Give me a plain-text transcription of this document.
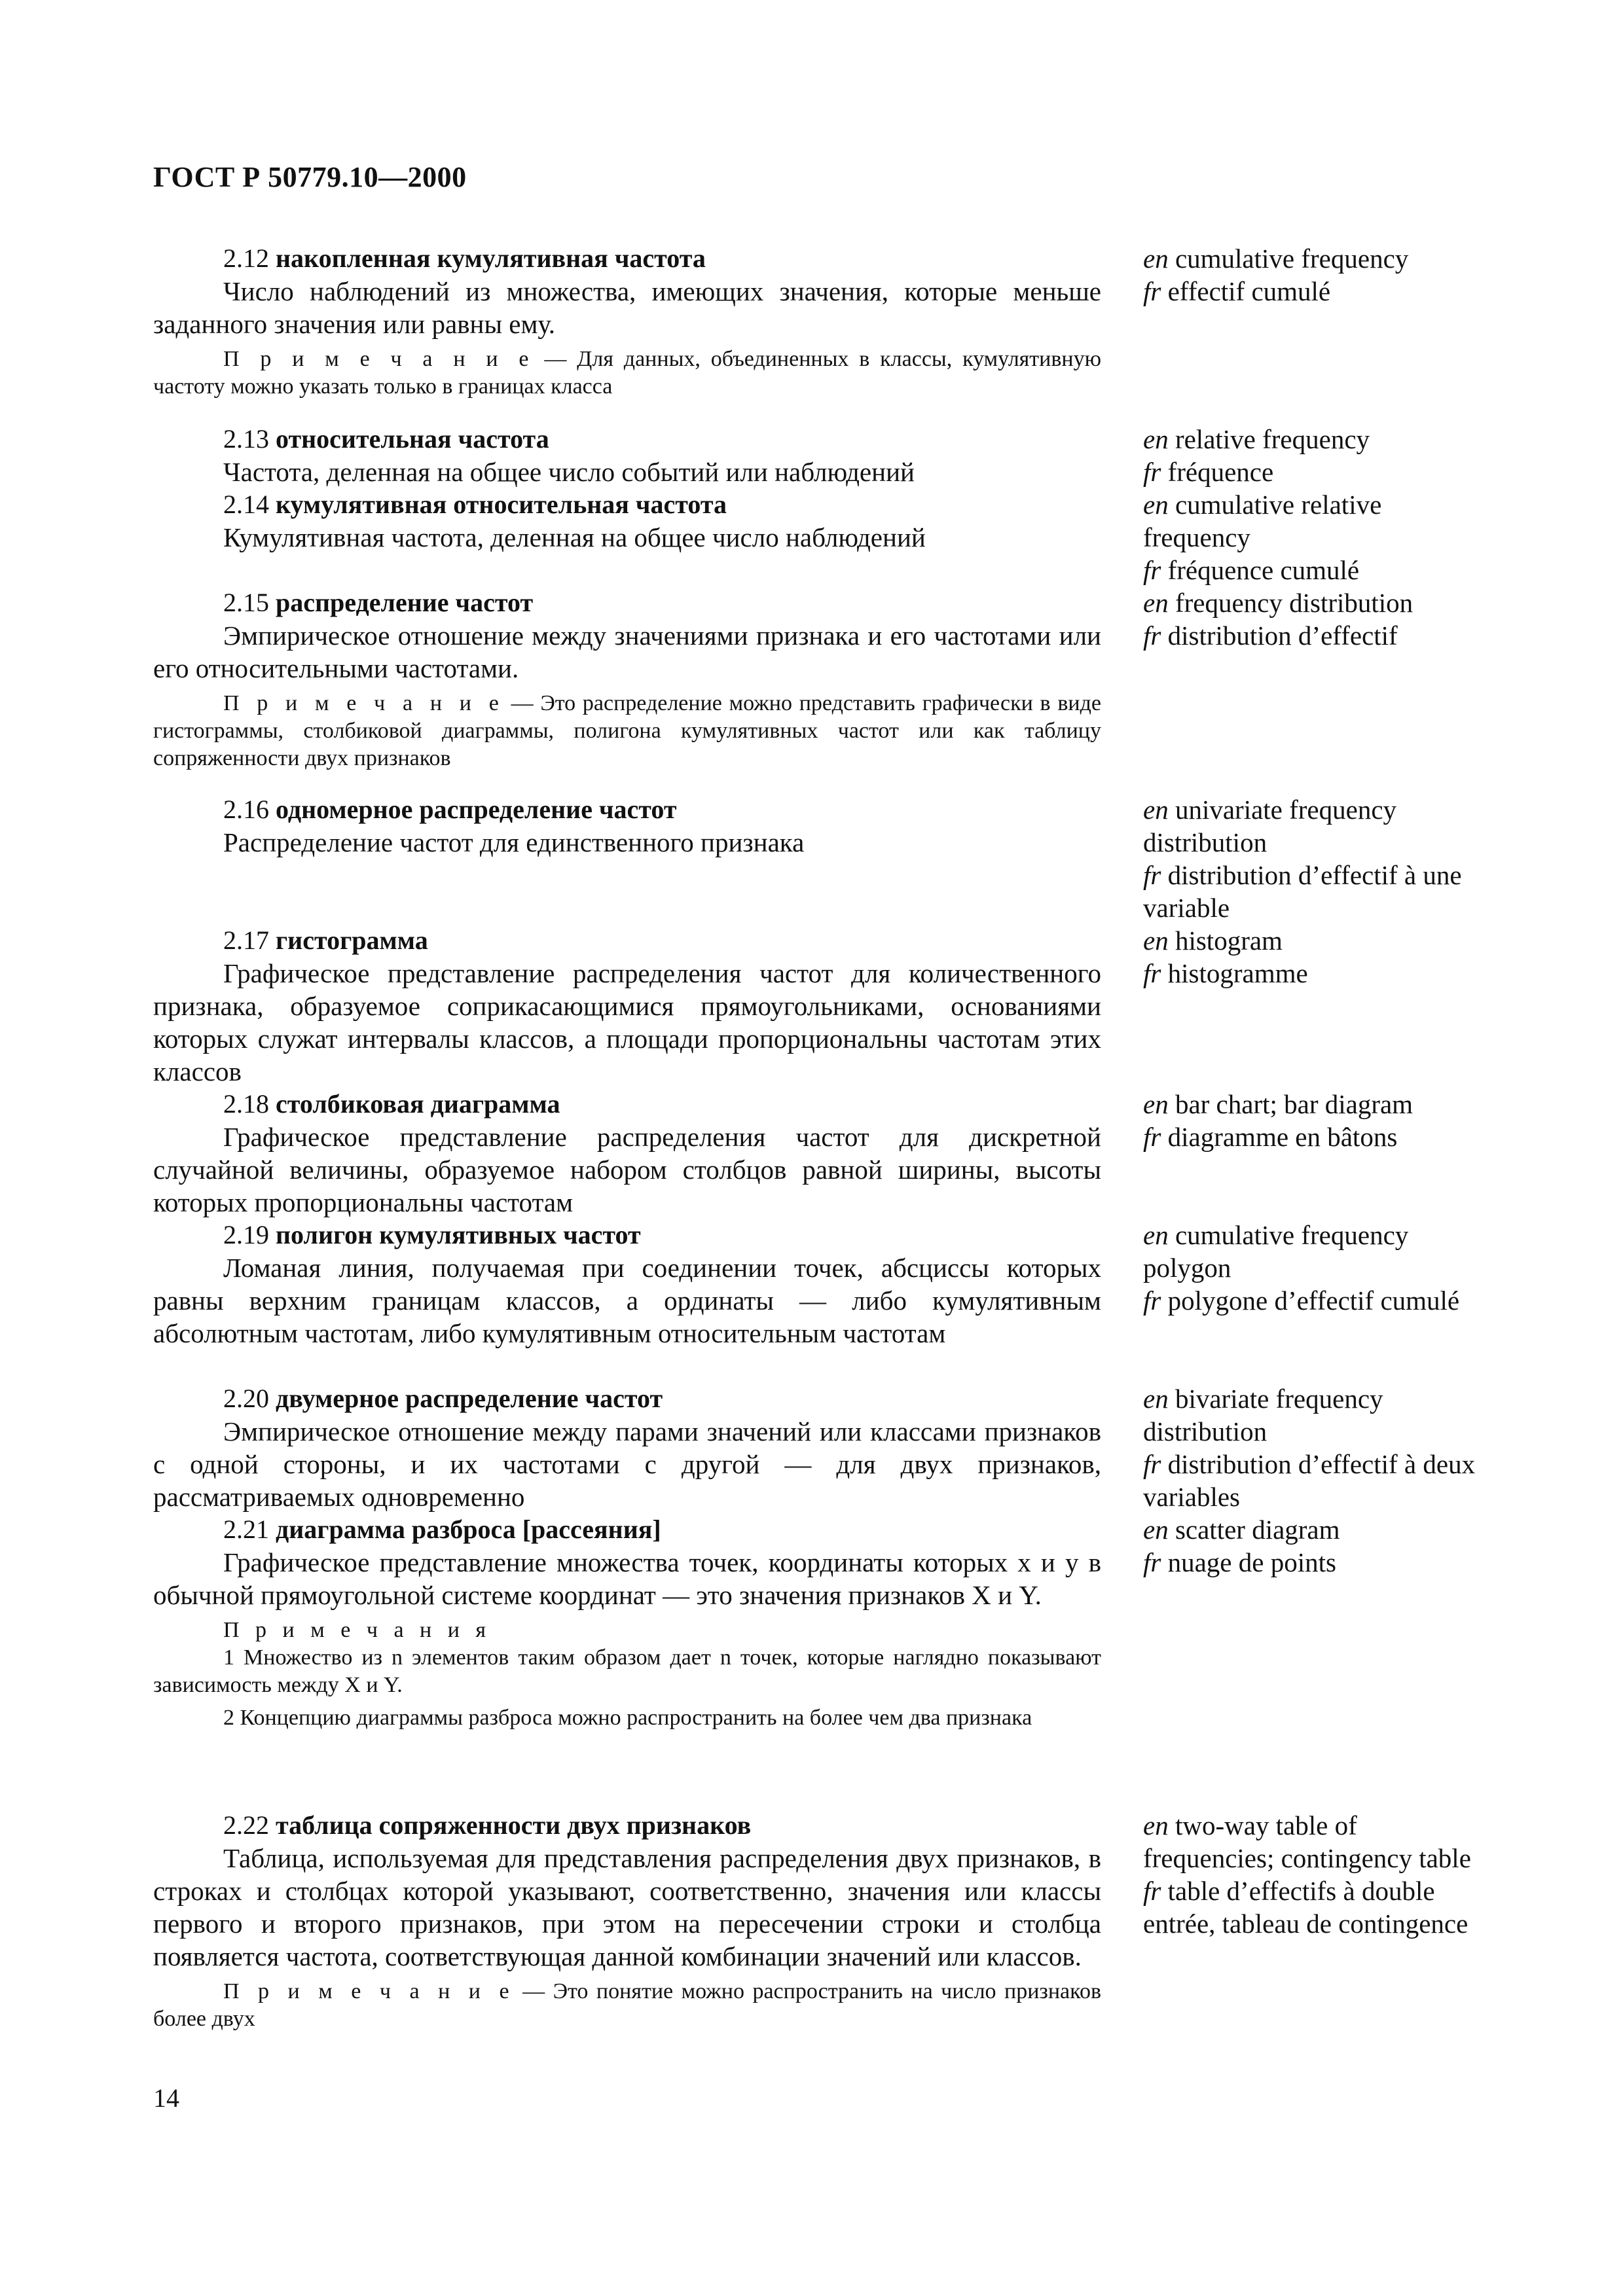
ГОСТ Р 50779.10—2000
2.12 накопленная кумулятивная частота
Число наблюдений из множества, имеющих значения, которые меньше заданного значения или равны ему.
П р и м е ч а н и е — Для данных, объединенных в классы, кумулятивную частоту можно указать только в границах класса
en cumulative frequency
fr effectif cumulé
2.13 относительная частота
Частота, деленная на общее число событий или наблюдений
en relative frequency
fr fréquence
2.14 кумулятивная относительная частота
Кумулятивная частота, деленная на общее число наблюдений
en cumulative relative frequency
fr fréquence cumulé
2.15 распределение частот
Эмпирическое отношение между значениями признака и его частотами или его относительными частотами.
П р и м е ч а н и е — Это распределение можно представить графически в виде гистограммы, столбиковой диаграммы, полигона кумулятивных частот или как таблицу сопряженности двух признаков
en frequency distribution
fr distribution d’effectif
2.16 одномерное распределение частот
Распределение частот для единственного признака
en univariate frequency distribution
fr distribution d’effectif à une variable
2.17 гистограмма
Графическое представление распределения частот для количественного признака, образуемое соприкасающимися прямоугольниками, основаниями которых служат интервалы классов, а площади пропорциональны частотам этих классов
en histogram
fr histogramme
2.18 столбиковая диаграмма
Графическое представление распределения частот для дискретной случайной величины, образуемое набором столбцов равной ширины, высоты которых пропорциональны частотам
en bar chart; bar diagram
fr diagramme en bâtons
2.19 полигон кумулятивных частот
Ломаная линия, получаемая при соединении точек, абсциссы которых равны верхним границам классов, а ординаты — либо кумулятивным абсолютным частотам, либо кумулятивным относительным частотам
en cumulative frequency polygon
fr polygone d’effectif cumulé
2.20 двумерное распределение частот
Эмпирическое отношение между парами значений или классами признаков с одной стороны, и их частотами с другой — для двух признаков, рассматриваемых одновременно
en bivariate frequency distribution
fr distribution d’effectif à deux variables
2.21 диаграмма разброса [рассеяния]
Графическое представление множества точек, координаты которых x и y в обычной прямоугольной системе координат — это значения признаков X и Y.
П р и м е ч а н и я
1 Множество из n элементов таким образом дает n точек, которые наглядно показывают зависимость между X и Y.
2 Концепцию диаграммы разброса можно распространить на более чем два признака
en scatter diagram
fr nuage de points
2.22 таблица сопряженности двух признаков
Таблица, используемая для представления распределения двух признаков, в строках и столбцах которой указывают, соответственно, значения или классы первого и второго признаков, при этом на пересечении строки и столбца появляется частота, соответствующая данной комбинации значений или классов.
П р и м е ч а н и е — Это понятие можно распространить на число признаков более двух
en two-way table of frequencies; contingency table
fr table d’effectifs à double entrée, tableau de contingence
14
